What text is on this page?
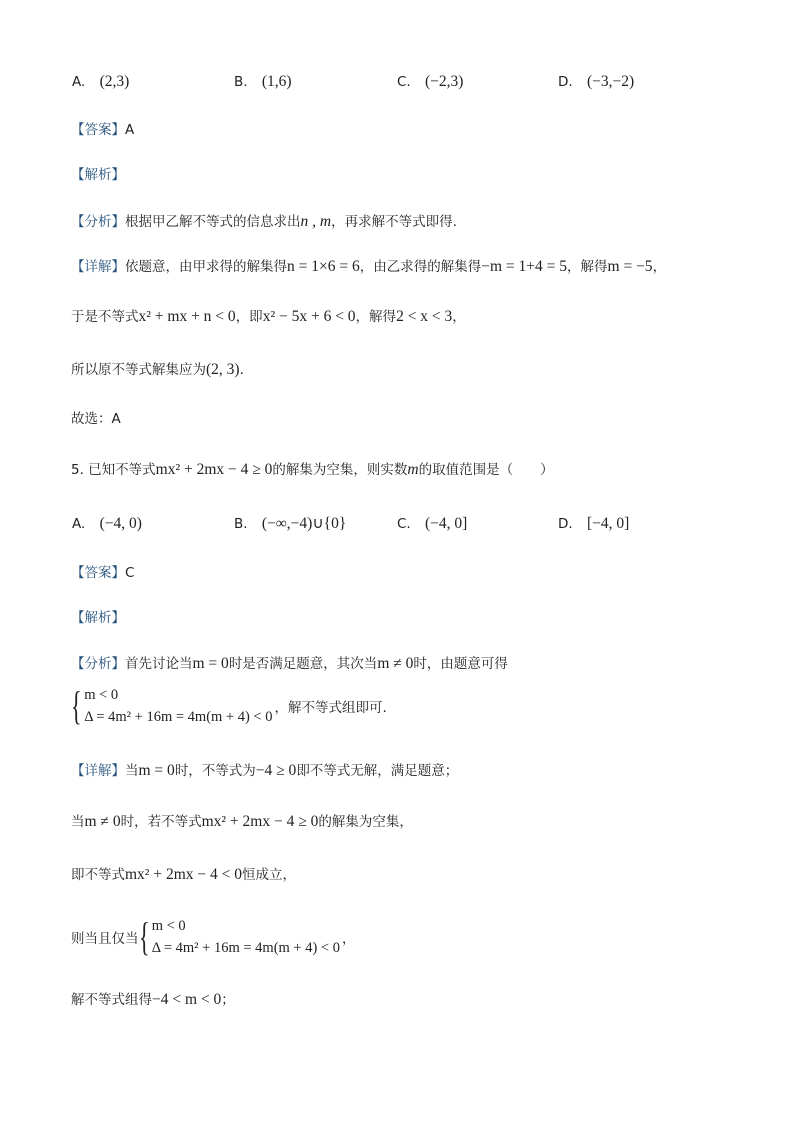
A. (2,3)	B. (1,6)	C. (−2,3)	D. (−3,−2)
【答案】A
【解析】
【分析】根据甲乙解不等式的信息求出n , m，再求解不等式即得.
【详解】依题意，由甲求得的解集得n = 1×6 = 6，由乙求得的解集得−m = 1+4 = 5，解得m = −5，
于是不等式x² + mx + n < 0，即x² − 5x + 6 < 0，解得2 < x < 3，
所以原不等式解集应为(2, 3).
故选：A
5. 已知不等式mx² + 2mx − 4 ≥ 0的解集为空集，则实数m的取值范围是（　　）
A. (−4, 0)	B. (−∞,−4)∪{0}	C. (−4, 0]	D. [−4, 0]
【答案】C
【解析】
【分析】首先讨论当m = 0时是否满足题意，其次当m ≠ 0时，由题意可得
{ m < 0
Δ = 4m² + 16m = 4m(m + 4) < 0
，解不等式组即可.
【详解】当m = 0时，不等式为−4 ≥ 0即不等式无解，满足题意；
当m ≠ 0时，若不等式mx² + 2mx − 4 ≥ 0的解集为空集，
即不等式mx² + 2mx − 4 < 0恒成立，
则当且仅当 { m < 0
Δ = 4m² + 16m = 4m(m + 4) < 0
，
解不等式组得−4 < m < 0；
